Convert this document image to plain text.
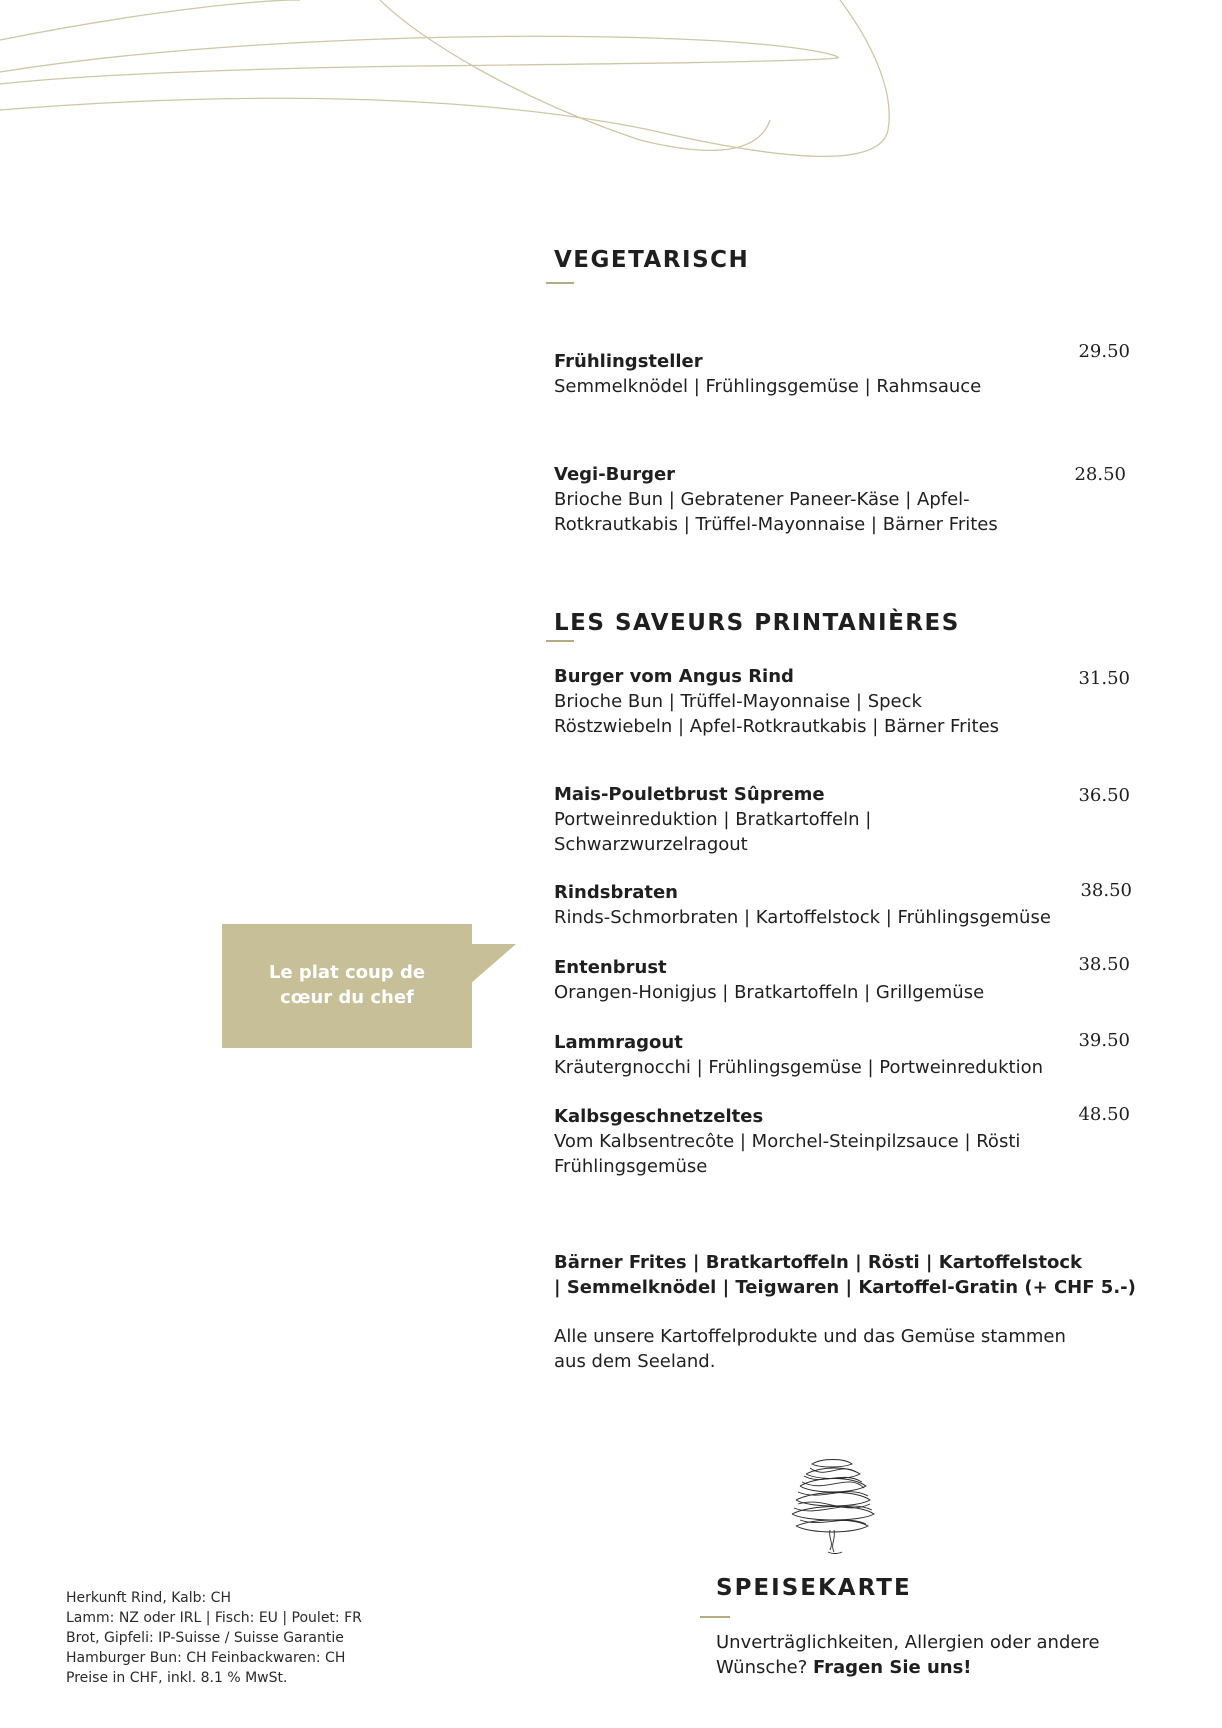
VEGETARISCH
Frühlingsteller
Semmelknödel | Frühlingsgemüse | Rahmsauce
29.50
Vegi-Burger
Brioche Bun | Gebratener Paneer-Käse | Apfel-
Rotkrautkabis | Trüffel-Mayonnaise | Bärner Frites
28.50
LES SAVEURS PRINTANIÈRES
Burger vom Angus Rind
Brioche Bun | Trüffel-Mayonnaise | Speck
Röstzwiebeln | Apfel-Rotkrautkabis | Bärner Frites
31.50
Mais-Pouletbrust Sûpreme
Portweinreduktion | Bratkartoffeln |
Schwarzwurzelragout
36.50
Rindsbraten
Rinds-Schmorbraten | Kartoffelstock | Frühlingsgemüse
38.50
Entenbrust
Orangen-Honigjus | Bratkartoffeln | Grillgemüse
38.50
Lammragout
Kräutergnocchi | Frühlingsgemüse | Portweinreduktion
39.50
Kalbsgeschnetzeltes
Vom Kalbsentrecôte | Morchel-Steinpilzsauce | Rösti
Frühlingsgemüse
48.50
Bärner Frites | Bratkartoffeln | Rösti | Kartoffelstock
| Semmelknödel | Teigwaren | Kartoffel-Gratin (+ CHF 5.-)
Alle unsere Kartoffelprodukte und das Gemüse stammen
aus dem Seeland.
Le plat coup de
cœur du chef
Herkunft Rind, Kalb: CH
Lamm: NZ oder IRL | Fisch: EU | Poulet: FR
Brot, Gipfeli: IP-Suisse / Suisse Garantie
Hamburger Bun: CH Feinbackwaren: CH
Preise in CHF, inkl. 8.1 % MwSt.
SPEISEKARTE
Unverträglichkeiten, Allergien oder andere
Wünsche? Fragen Sie uns!
